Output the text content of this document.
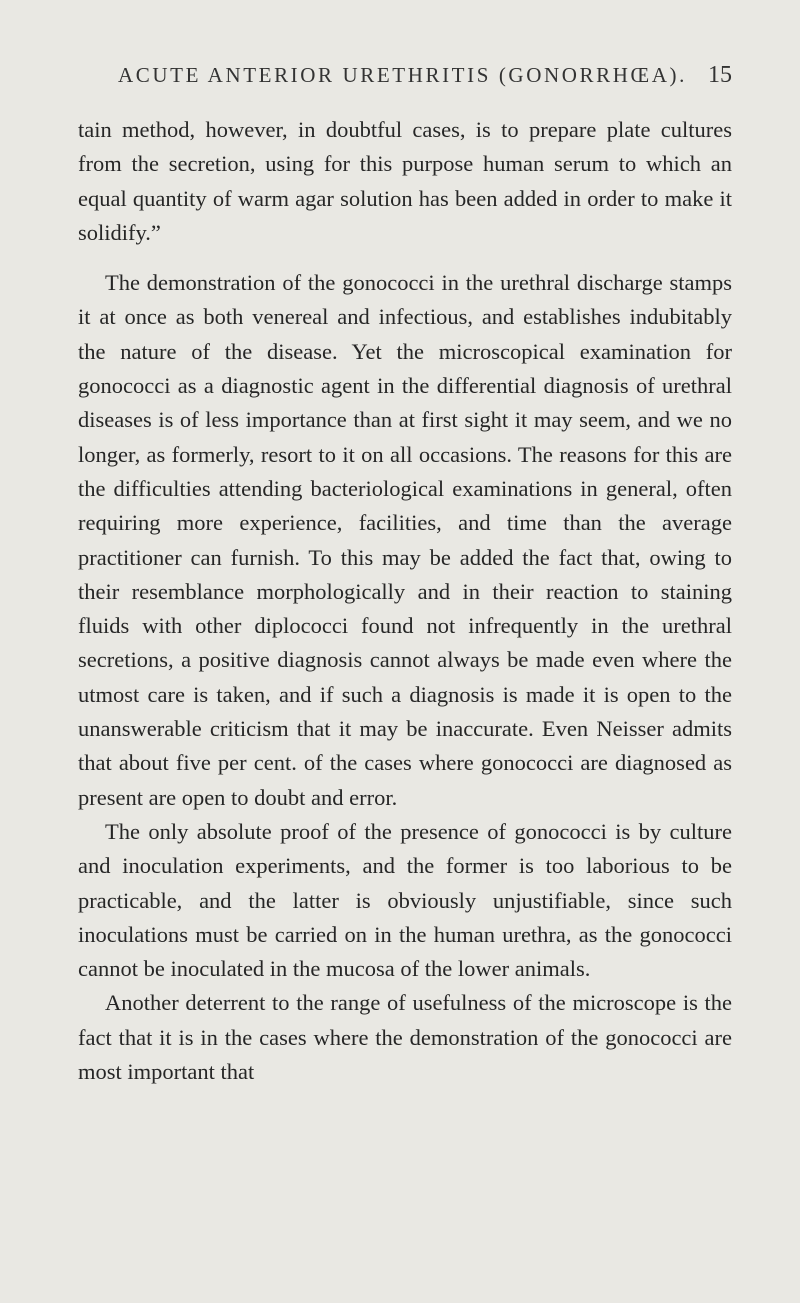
ACUTE ANTERIOR URETHRITIS (GONORRHŒA). 15

tain method, however, in doubtful cases, is to prepare plate cultures from the secretion, using for this purpose human serum to which an equal quantity of warm agar solution has been added in order to make it solidify.”

The demonstration of the gonococci in the urethral discharge stamps it at once as both venereal and infectious, and establishes indubitably the nature of the disease. Yet the microscopical examination for gonococci as a diagnostic agent in the differential diagnosis of urethral diseases is of less importance than at first sight it may seem, and we no longer, as formerly, resort to it on all occasions. The reasons for this are the difficulties attending bacteriological examinations in general, often requiring more experience, facilities, and time than the average practitioner can furnish. To this may be added the fact that, owing to their resemblance morphologically and in their reaction to staining fluids with other diplococci found not infrequently in the urethral secretions, a positive diagnosis cannot always be made even where the utmost care is taken, and if such a diagnosis is made it is open to the unanswerable criticism that it may be inaccurate. Even Neisser admits that about five per cent. of the cases where gonococci are diagnosed as present are open to doubt and error.

The only absolute proof of the presence of gonococci is by culture and inoculation experiments, and the former is too laborious to be practicable, and the latter is obviously unjustifiable, since such inoculations must be carried on in the human urethra, as the gonococci cannot be inoculated in the mucosa of the lower animals.

Another deterrent to the range of usefulness of the microscope is the fact that it is in the cases where the demonstration of the gonococci are most important that
